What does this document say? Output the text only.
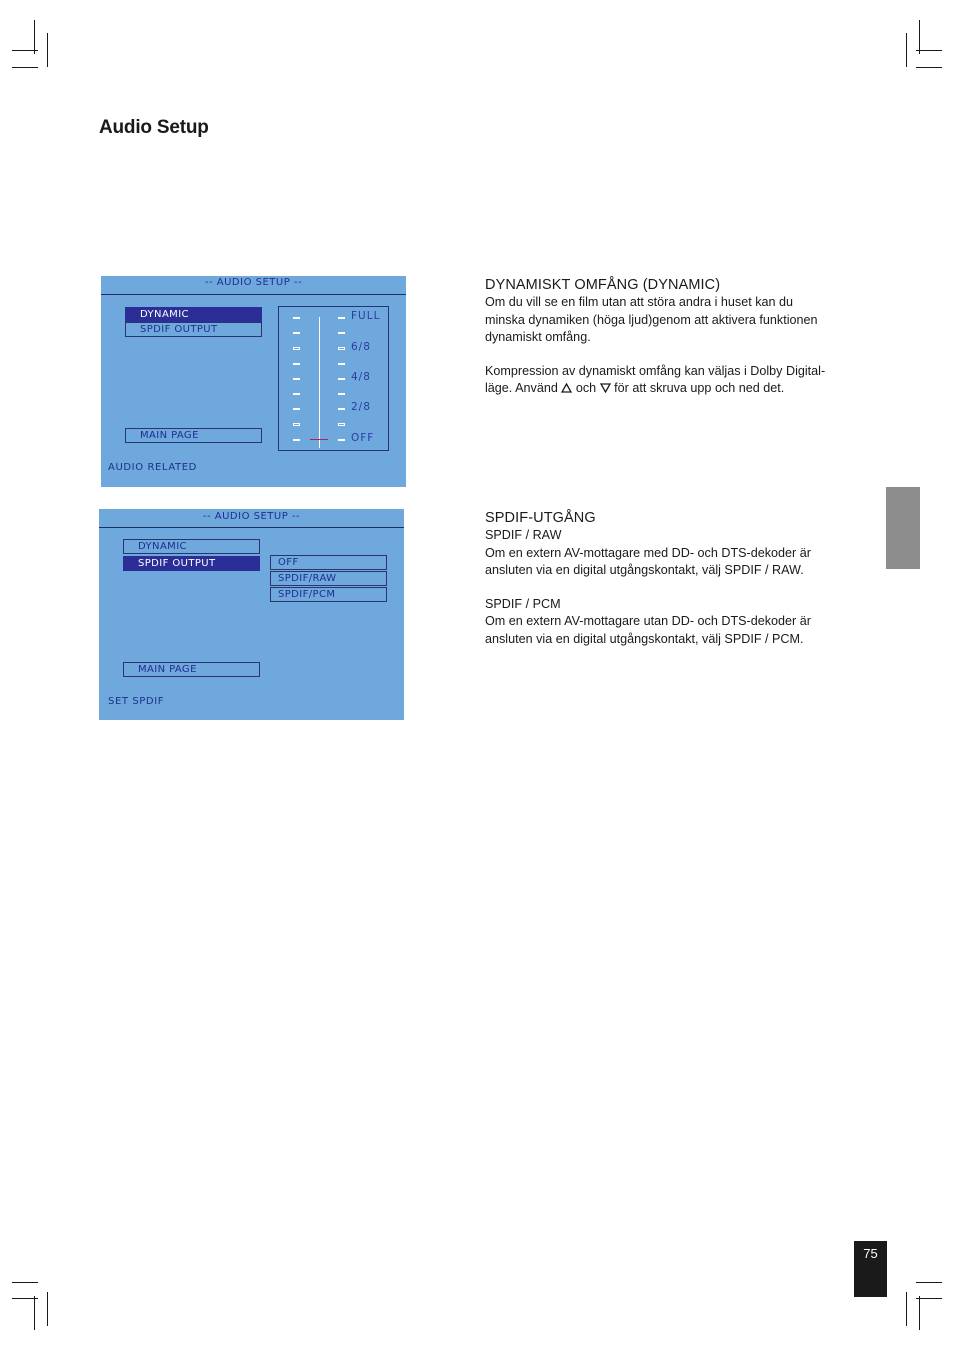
Audio Setup
-- AUDIO SETUP --
DYNAMIC
SPDIF OUTPUT
MAIN PAGE
FULL
6/8
4/8
2/8
OFF
AUDIO RELATED
-- AUDIO SETUP --
DYNAMIC
SPDIF OUTPUT
MAIN PAGE
OFF
SPDIF/RAW
SPDIF/PCM
SET SPDIF
DYNAMISKT OMFÅNG (DYNAMIC)
Om du vill se en film utan att störa andra i huset kan du
minska dynamiken (höga ljud)genom att aktivera funktionen
dynamiskt omfång.
Kompression av dynamiskt omfång kan väljas i Dolby Digital-
läge. Använd och för att skruva upp och ned det.
SPDIF-UTGÅNG
SPDIF / RAW
Om en extern AV-mottagare med DD- och DTS-dekoder är
ansluten via en digital utgångskontakt, välj SPDIF / RAW.
SPDIF / PCM
Om en extern AV-mottagare utan DD- och DTS-dekoder är
ansluten via en digital utgångskontakt, välj SPDIF / PCM.
75
